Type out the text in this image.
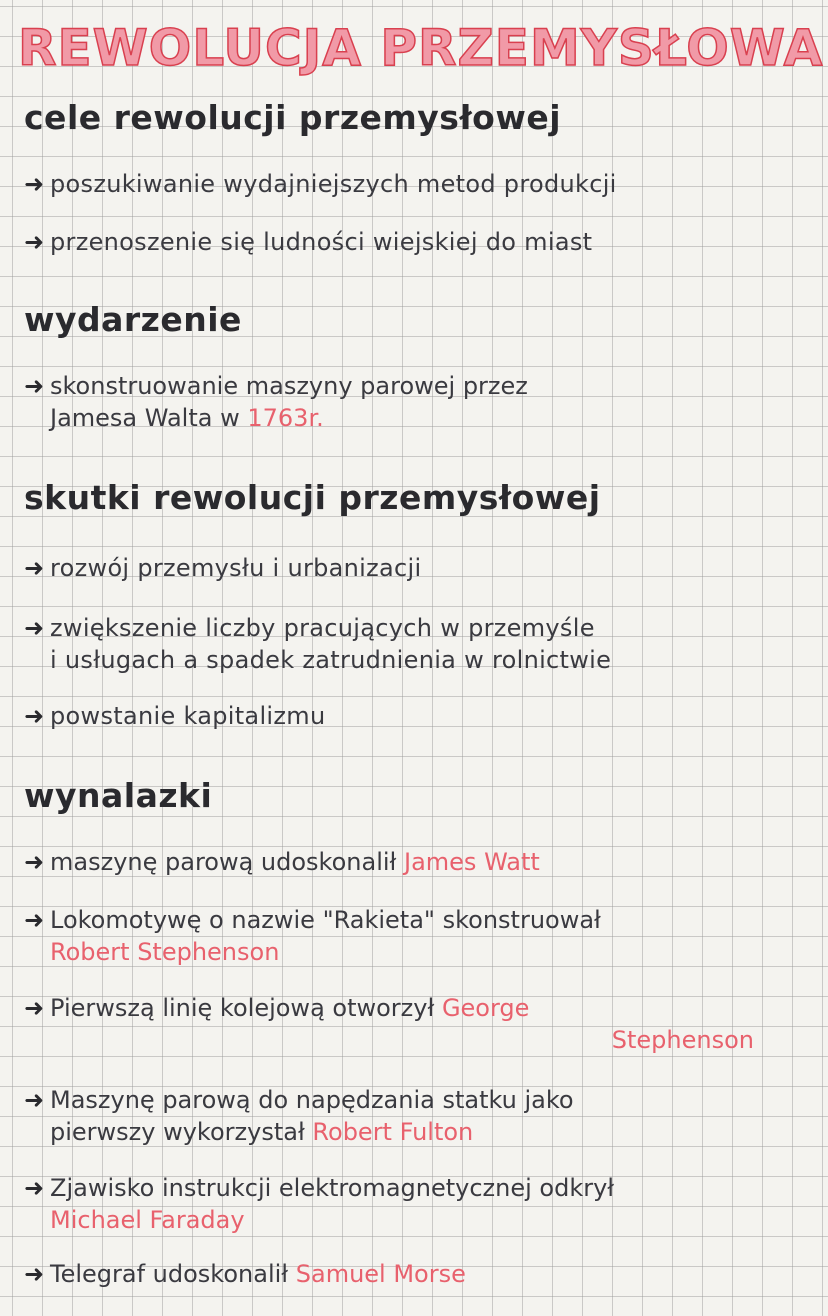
REWOLUCJA PRZEMYSŁOWA
cele rewolucji przemysłowej
➜ poszukiwanie wydajniejszych metod produkcji
➜ przenoszenie się ludności wiejskiej do miast
wydarzenie
➜ skonstruowanie maszyny parowej przez
Jamesa Walta w 1763r.
skutki rewolucji przemysłowej
➜ rozwój przemysłu i urbanizacji
➜ zwiększenie liczby pracujących w przemyśle
i usługach a spadek zatrudnienia w rolnictwie
➜ powstanie kapitalizmu
wynalazki
➜ maszynę parową udoskonalił James Watt
➜ Lokomotywę o nazwie "Rakieta" skonstruował
Robert Stephenson
➜ Pierwszą linię kolejową otworzył George
Stephenson
➜ Maszynę parową do napędzania statku jako
pierwszy wykorzystał Robert Fulton
➜ Zjawisko instrukcji elektromagnetycznej odkrył
Michael Faraday
➜ Telegraf udoskonalił Samuel Morse
